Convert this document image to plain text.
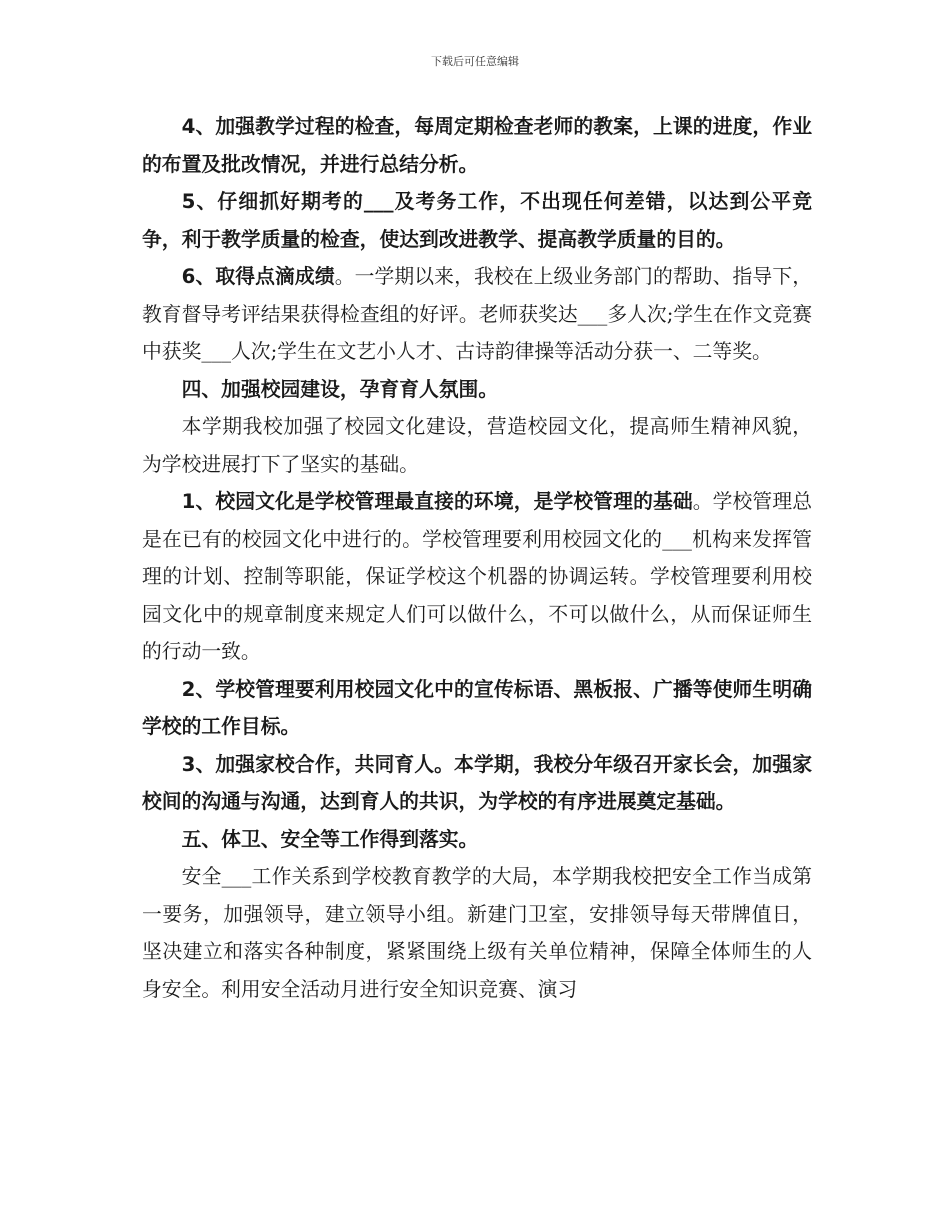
下载后可任意编辑

4、加强教学过程的检查，每周定期检查老师的教案，上课的进度，作业的布置及批改情况，并进行总结分析。

5、仔细抓好期考的___及考务工作，不出现任何差错，以达到公平竞争，利于教学质量的检查，使达到改进教学、提高教学质量的目的。

6、取得点滴成绩。一学期以来，我校在上级业务部门的帮助、指导下，教育督导考评结果获得检查组的好评。老师获奖达___多人次;学生在作文竞赛中获奖___人次;学生在文艺小人才、古诗韵律操等活动分获一、二等奖。

四、加强校园建设，孕育育人氛围。

本学期我校加强了校园文化建设，营造校园文化，提高师生精神风貌，为学校进展打下了坚实的基础。

1、校园文化是学校管理最直接的环境，是学校管理的基础。学校管理总是在已有的校园文化中进行的。学校管理要利用校园文化的___机构来发挥管理的计划、控制等职能，保证学校这个机器的协调运转。学校管理要利用校园文化中的规章制度来规定人们可以做什么，不可以做什么，从而保证师生的行动一致。

2、学校管理要利用校园文化中的宣传标语、黑板报、广播等使师生明确学校的工作目标。

3、加强家校合作，共同育人。本学期，我校分年级召开家长会，加强家校间的沟通与沟通，达到育人的共识，为学校的有序进展奠定基础。

五、体卫、安全等工作得到落实。

安全___工作关系到学校教育教学的大局，本学期我校把安全工作当成第一要务，加强领导，建立领导小组。新建门卫室，安排领导每天带牌值日，坚决建立和落实各种制度，紧紧围绕上级有关单位精神，保障全体师生的人身安全。利用安全活动月进行安全知识竞赛、演习
